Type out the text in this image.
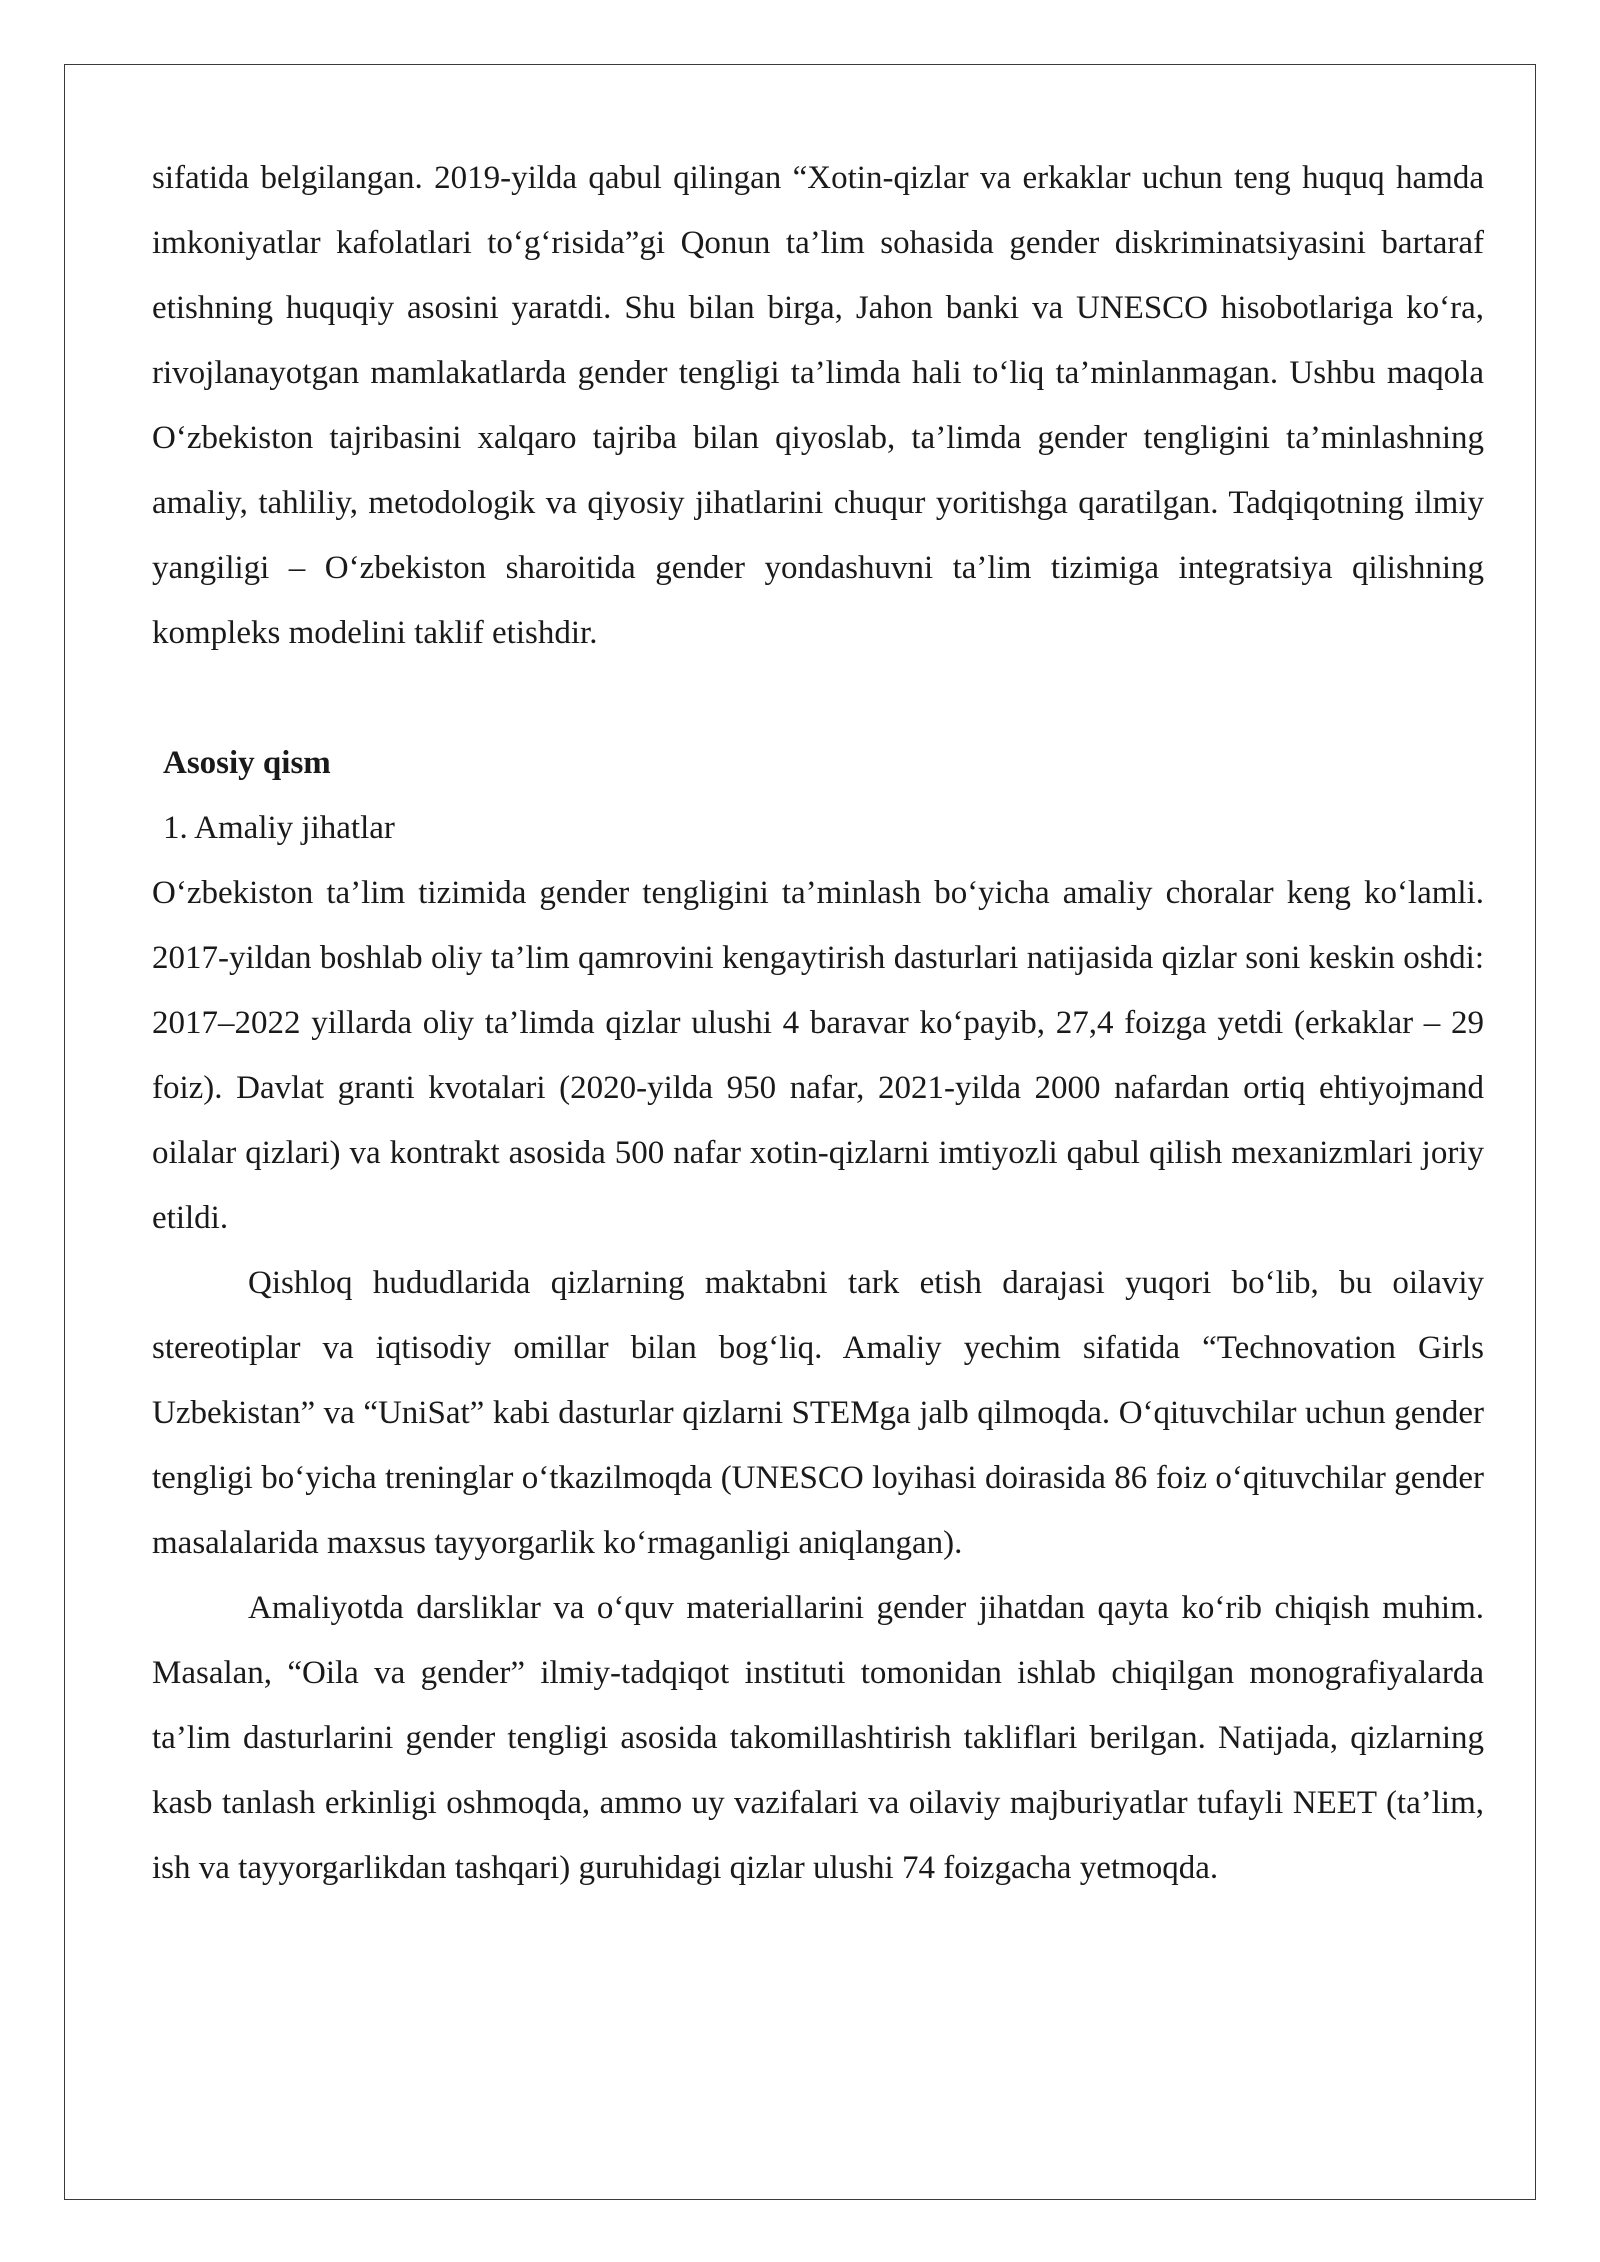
sifatida belgilangan. 2019-yilda qabul qilingan “Xotin-qizlar va erkaklar uchun teng huquq hamda imkoniyatlar kafolatlari to‘g‘risida”gi Qonun ta’lim sohasida gender diskriminatsiyasini bartaraf etishning huquqiy asosini yaratdi. Shu bilan birga, Jahon banki va UNESCO hisobotlariga ko‘ra, rivojlanayotgan mamlakatlarda gender tengligi ta’limda hali to‘liq ta’minlanmagan. Ushbu maqola O‘zbekiston tajribasini xalqaro tajriba bilan qiyoslab, ta’limda gender tengligini ta’minlashning amaliy, tahliliy, metodologik va qiyosiy jihatlarini chuqur yoritishga qaratilgan. Tadqiqotning ilmiy yangiligi – O‘zbekiston sharoitida gender yondashuvni ta’lim tizimiga integratsiya qilishning kompleks modelini taklif etishdir.

Asosiy qism
1. Amaliy jihatlar

O‘zbekiston ta’lim tizimida gender tengligini ta’minlash bo‘yicha amaliy choralar keng ko‘lamli. 2017-yildan boshlab oliy ta’lim qamrovini kengaytirish dasturlari natijasida qizlar soni keskin oshdi: 2017–2022 yillarda oliy ta’limda qizlar ulushi 4 baravar ko‘payib, 27,4 foizga yetdi (erkaklar – 29 foiz). Davlat granti kvotalari (2020-yilda 950 nafar, 2021-yilda 2000 nafardan ortiq ehtiyojmand oilalar qizlari) va kontrakt asosida 500 nafar xotin-qizlarni imtiyozli qabul qilish mexanizmlari joriy etildi.

Qishloq hududlarida qizlarning maktabni tark etish darajasi yuqori bo‘lib, bu oilaviy stereotiplar va iqtisodiy omillar bilan bog‘liq. Amaliy yechim sifatida “Technovation Girls Uzbekistan” va “UniSat” kabi dasturlar qizlarni STEMga jalb qilmoqda. O‘qituvchilar uchun gender tengligi bo‘yicha treninglar o‘tkazilmoqda (UNESCO loyihasi doirasida 86 foiz o‘qituvchilar gender masalalarida maxsus tayyorgarlik ko‘rmaganligi aniqlangan).

Amaliyotda darsliklar va o‘quv materiallarini gender jihatdan qayta ko‘rib chiqish muhim. Masalan, “Oila va gender” ilmiy-tadqiqot instituti tomonidan ishlab chiqilgan monografiyalarda ta’lim dasturlarini gender tengligi asosida takomillashtirish takliflari berilgan. Natijada, qizlarning kasb tanlash erkinligi oshmoqda, ammo uy vazifalari va oilaviy majburiyatlar tufayli NEET (ta’lim, ish va tayyorgarlikdan tashqari) guruhidagi qizlar ulushi 74 foizgacha yetmoqda.
